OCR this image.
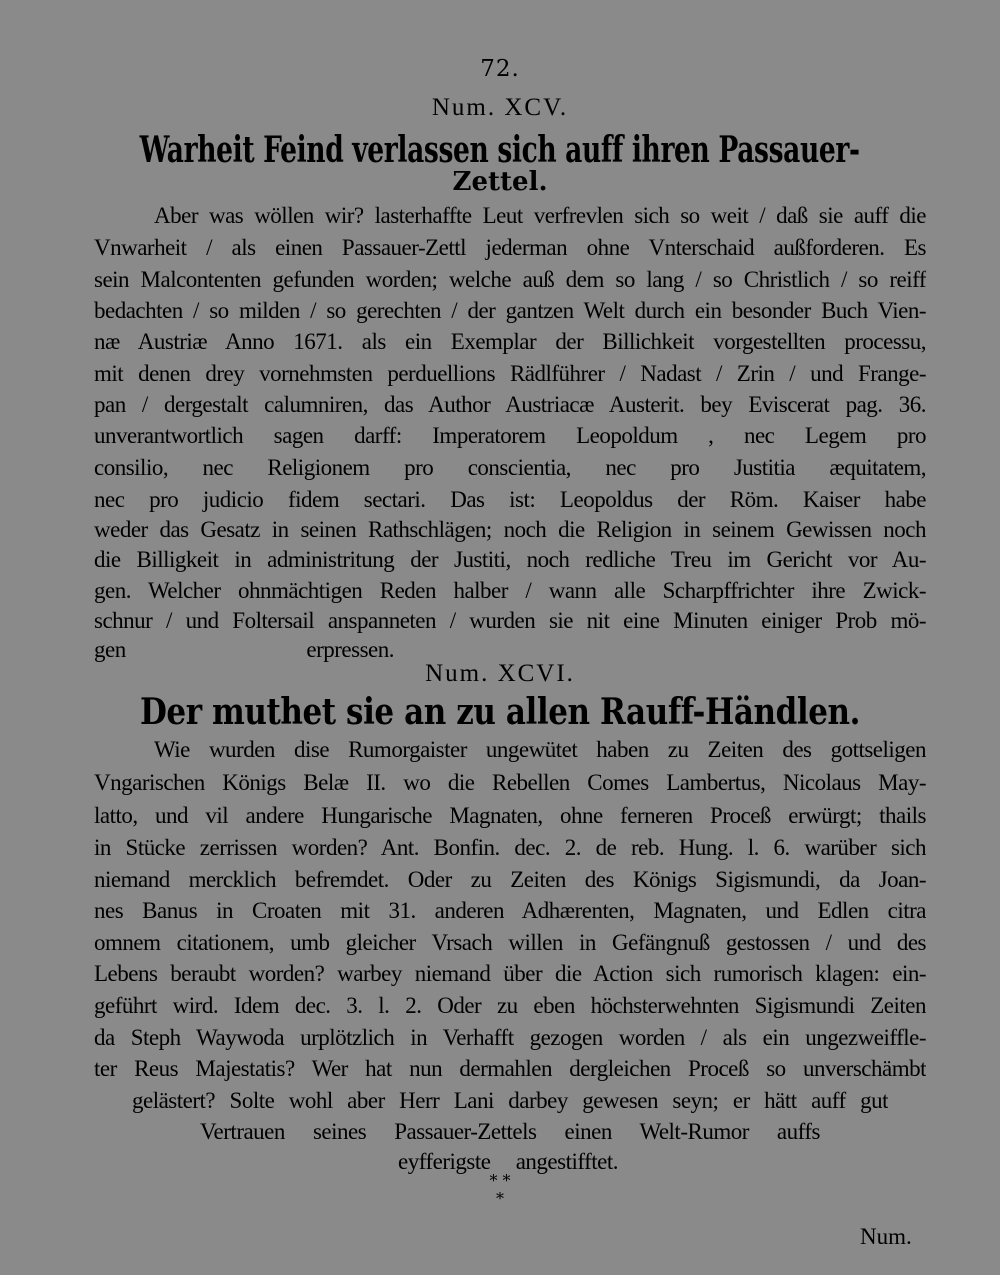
72.
Num. XCV.
Warheit Feind verlassen sich auff ihren Passauer-
Zettel.
Aber was wöllen wir? lasterhaffte Leut verfrevlen sich so weit / daß sie auff die
Vnwarheit / als einen Passauer-Zettl jederman ohne Vnterschaid außforderen. Es
sein Malcontenten gefunden worden; welche auß dem so lang / so Christlich / so reiff
bedachten / so milden / so gerechten / der gantzen Welt durch ein besonder Buch Vien-
næ Austriæ Anno 1671. als ein Exemplar der Billichkeit vorgestellten processu,
mit denen drey vornehmsten perduellions Rädlführer / Nadast / Zrin / und Frange-
pan / dergestalt calumniren, das Author Austriacæ Austerit. bey Eviscerat pag. 36.
unverantwortlich sagen darff: Imperatorem Leopoldum , nec Legem pro
consilio, nec Religionem pro conscientia, nec pro Justitia æquitatem,
nec pro judicio fidem sectari. Das ist: Leopoldus der Röm. Kaiser habe
weder das Gesatz in seinen Rathschlägen; noch die Religion in seinem Gewissen noch
die Billigkeit in administritung der Justiti, noch redliche Treu im Gericht vor Au-
gen. Welcher ohnmächtigen Reden halber / wann alle Scharpffrichter ihre Zwick-
schnur / und Foltersail anspanneten / wurden sie nit eine Minuten einiger Prob mö-
gen erpressen.
Num. XCVI.
Der muthet sie an zu allen Rauff-Händlen.
Wie wurden dise Rumorgaister ungewütet haben zu Zeiten des gottseligen
Vngarischen Königs Belæ II. wo die Rebellen Comes Lambertus, Nicolaus May-
latto, und vil andere Hungarische Magnaten, ohne ferneren Proceß erwürgt; thails
in Stücke zerrissen worden? Ant. Bonfin. dec. 2. de reb. Hung. l. 6. warüber sich
niemand mercklich befremdet. Oder zu Zeiten des Königs Sigismundi, da Joan-
nes Banus in Croaten mit 31. anderen Adhærenten, Magnaten, und Edlen citra
omnem citationem, umb gleicher Vrsach willen in Gefängnuß gestossen / und des
Lebens beraubt worden? warbey niemand über die Action sich rumorisch klagen: ein-
geführt wird. Idem dec. 3. l. 2. Oder zu eben höchsterwehnten Sigismundi Zeiten
da Steph Waywoda urplötzlich in Verhafft gezogen worden / als ein ungezweiffle-
ter Reus Majestatis? Wer hat nun dermahlen dergleichen Proceß so unverschämbt
gelästert? Solte wohl aber Herr Lani darbey gewesen seyn; er hätt auff gut
Vertrauen seines Passauer-Zettels einen Welt-Rumor auffs
eyfferigste angestifftet.
* *
*
Num.
